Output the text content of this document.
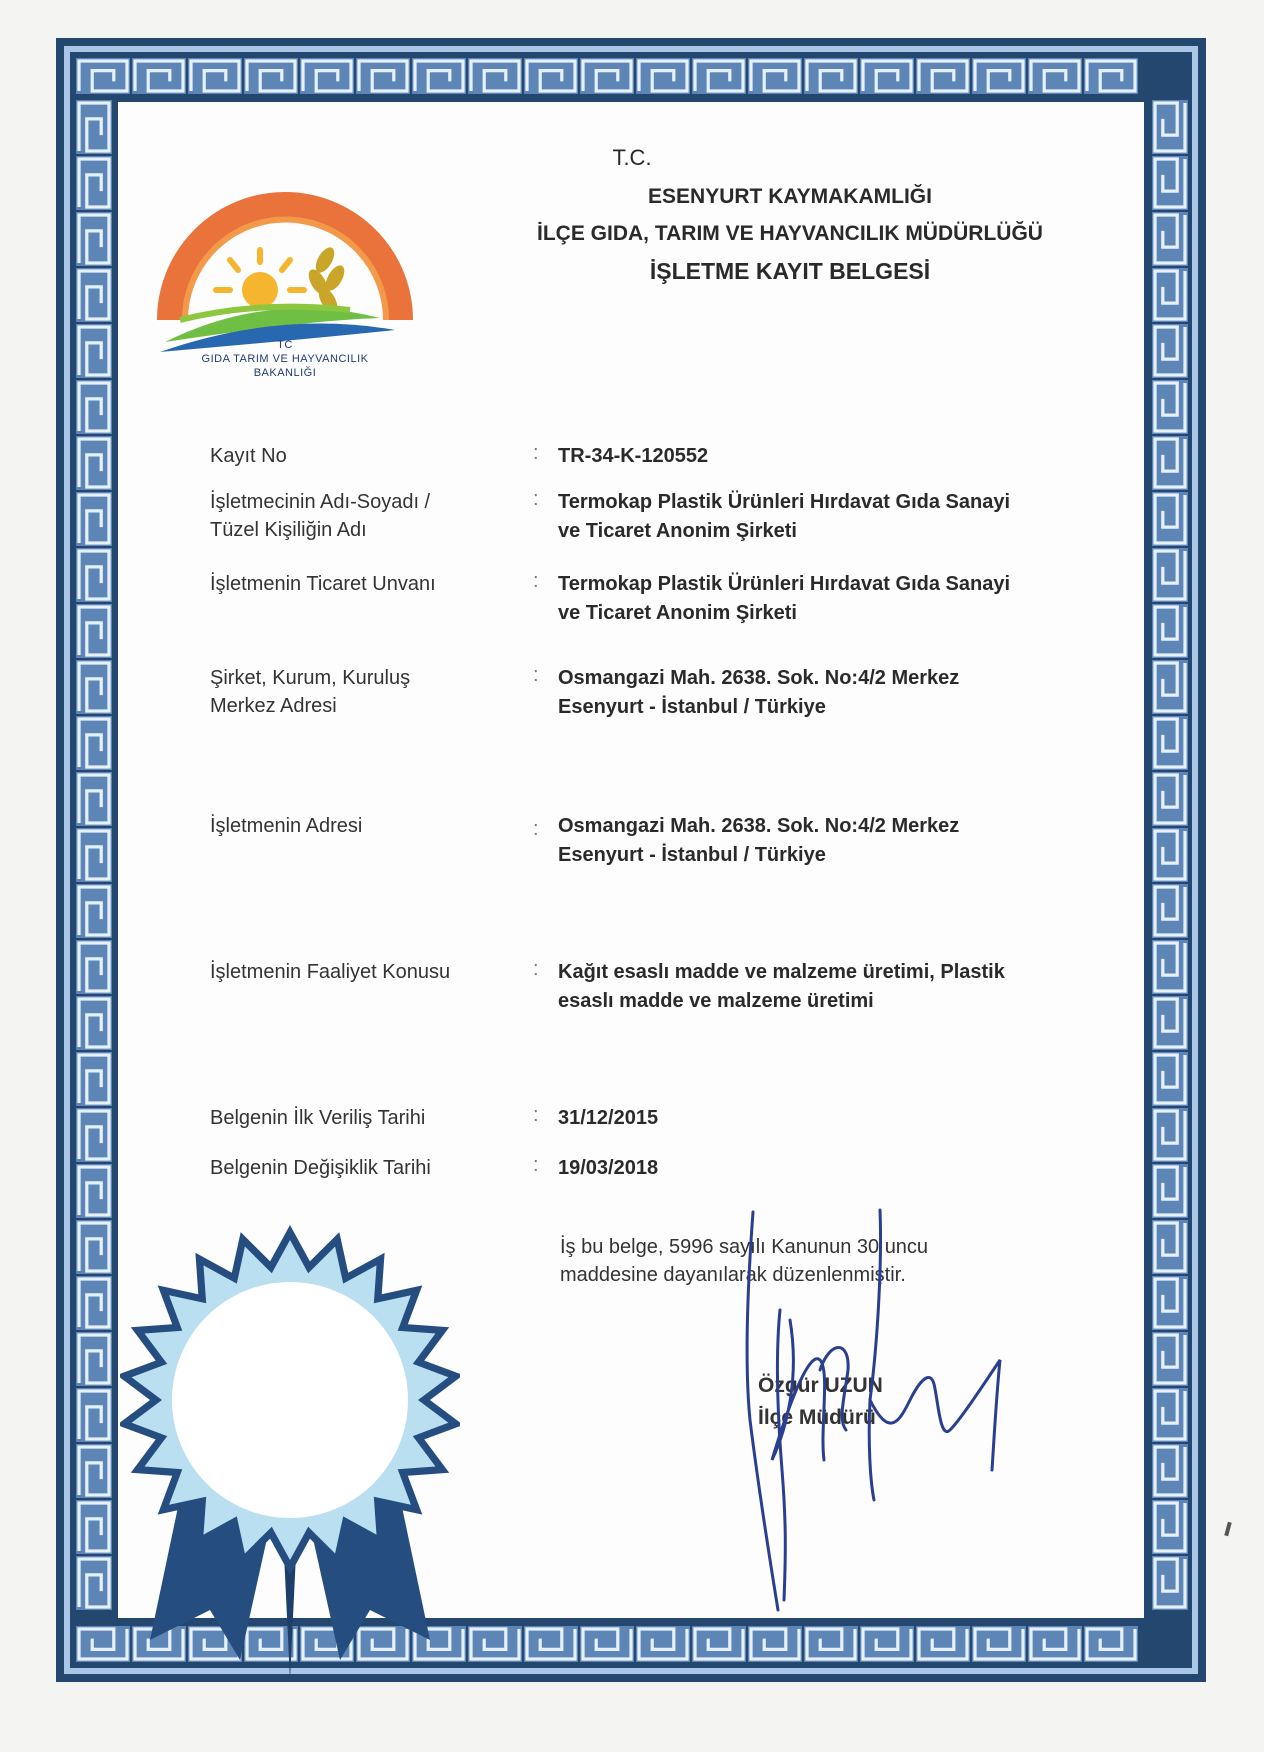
TC
GIDA TARIM VE HAYVANCILIK
BAKANLIĞI
T.C.
ESENYURT KAYMAKAMLIĞI
İLÇE GIDA, TARIM VE HAYVANCILIK MÜDÜRLÜĞÜ
İŞLETME KAYIT BELGESİ
Kayıt No	: TR-34-K-120552
İşletmecinin Adı-Soyadı /
Tüzel Kişiliğin Adı
: Termokap Plastik Ürünleri Hırdavat Gıda Sanayi
ve Ticaret Anonim Şirketi
İşletmenin Ticaret Unvanı	: Termokap Plastik Ürünleri Hırdavat Gıda Sanayi
ve Ticaret Anonim Şirketi
Şirket, Kurum, Kuruluş
Merkez Adresi
: Osmangazi Mah. 2638. Sok. No:4/2 Merkez
Esenyurt - İstanbul / Türkiye
İşletmenin Adresi	: Osmangazi Mah. 2638. Sok. No:4/2 Merkez
Esenyurt - İstanbul / Türkiye
İşletmenin Faaliyet Konusu	: Kağıt esaslı madde ve malzeme üretimi, Plastik
esaslı madde ve malzeme üretimi
Belgenin İlk Veriliş Tarihi	: 31/12/2015
Belgenin Değişiklik Tarihi	: 19/03/2018
İş bu belge, 5996 sayılı Kanunun 30 uncu
maddesine dayanılarak düzenlenmiştir.
Özgür UZUN
İlçe Müdürü
